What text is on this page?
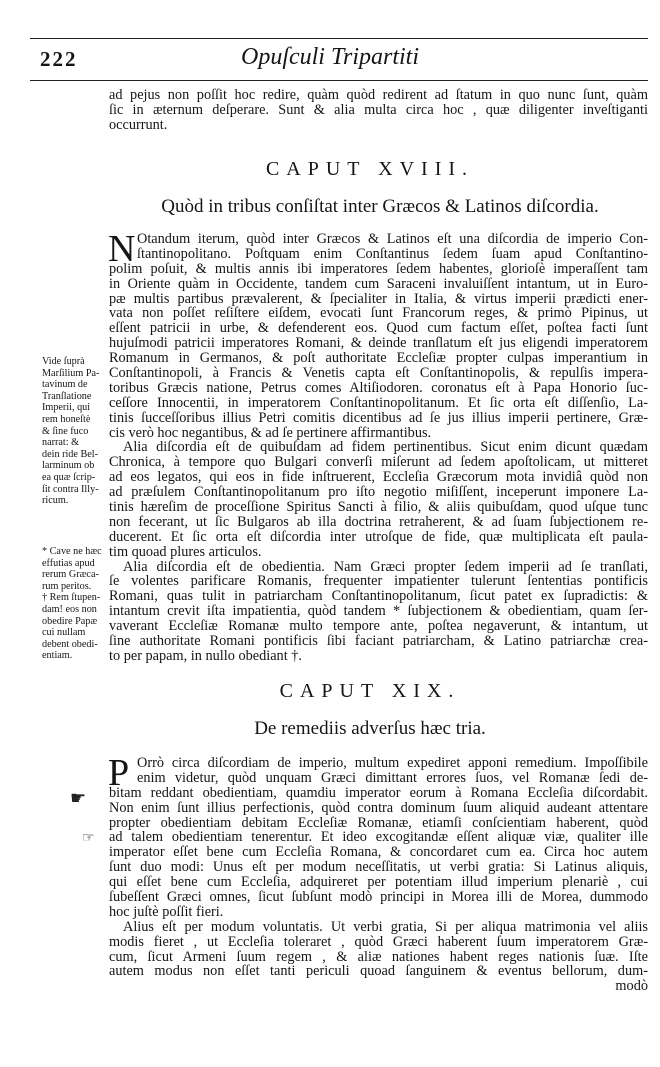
222	Opuſculi Tripartiti
ad pejus non poſſit hoc redire, quàm quòd redirent ad ſtatum in quo nunc ſunt, quàm
ſic in æternum deſperare. Sunt & alia multa circa hoc , quæ diligenter inveſtiganti
occurrunt.
CAPUT XVIII.
Quòd in tribus conſiſtat inter Græcos & Latinos diſcordia.
N Otandum iterum, quòd inter Græcos & Latinos eſt una diſcordia de imperio Con-
ſtantinopolitano. Poſtquam enim Conſtantinus ſedem ſuam apud Conſtantino-
polim poſuit, & multis annis ibi imperatores ſedem habentes, glorioſè imperaſſent tam
in Oriente quàm in Occidente, tandem cum Saraceni invaluiſſent intantum, ut in Euro-
pæ multis partibus prævalerent, & ſpecialiter in Italia, & virtus imperii prædicti ener-
vata non poſſet reſiſtere eiſdem, evocati ſunt Francorum reges, & primò Pipinus, ut
eſſent patricii in urbe, & defenderent eos. Quod cum factum eſſet, poſtea facti ſunt
hujuſmodi patricii imperatores Romani, & deinde tranſlatum eſt jus eligendi imperatorem
Romanum in Germanos, & poſt authoritate Eccleſiæ propter culpas imperantium in
Conſtantinopoli, à Francis & Venetis capta eſt Conſtantinopolis, & repulſis impera-
toribus Græcis natione, Petrus comes Altiſiodoren. coronatus eſt à Papa Honorio ſuc-
ceſſore Innocentii, in imperatorem Conſtantinopolitanum. Et ſic orta eſt diſſenſio, La-
tinis ſucceſſoribus illius Petri comitis dicentibus ad ſe jus illius imperii pertinere, Græ-
cis verò hoc negantibus, & ad ſe pertinere affirmantibus.
Alia diſcordia eſt de quibuſdam ad fidem pertinentibus. Sicut enim dicunt quædam
Chronica, à tempore quo Bulgari converſi miſerunt ad ſedem apoſtolicam, ut mitteret
ad eos legatos, qui eos in fide inſtruerent, Eccleſia Græcorum mota invidiâ quòd non
ad præſulem Conſtantinopolitanum pro iſto negotio miſiſſent, inceperunt imponere La-
tinis hæreſim de proceſſione Spiritus Sancti à filio, & aliis quibuſdam, quod uſque tunc
non fecerant, ut ſic Bulgaros ab illa doctrina retraherent, & ad ſuam ſubjectionem re-
ducerent. Et ſic orta eſt diſcordia inter utroſque de fide, quæ multiplicata eſt paula-
tim quoad plures articulos.
Alia diſcordia eſt de obedientia. Nam Græci propter ſedem imperii ad ſe tranſlati,
ſe volentes parificare Romanis, frequenter impatienter tulerunt ſententias pontificis
Romani, quas tulit in patriarcham Conſtantinopolitanum, ſicut patet ex ſupradictis: &
intantum crevit iſta impatientia, quòd tandem * ſubjectionem & obedientiam, quam ſer-
vaverant Eccleſiæ Romanæ multo tempore ante, poſtea negaverunt, & intantum, ut
ſine authoritate Romani pontificis ſibi faciant patriarcham, & Latino patriarchæ crea-
to per papam, in nullo obediant †.
Vide ſuprà
Marſilium Pa-
tavinum de
Tranſlatione
Imperii, qui
rem honeſtè
& ſine fuco
narrat: &
dein ride Bel-
larminum ob
ea quæ ſcrip-
ſit contra Illy-
ricum.
* Cave ne hæc
effutias apud
rerum Græca-
rum peritos.
† Rem ſtupen-
dam! eos non
obedire Papæ
cui nullam
debent obedi-
entiam.
CAPUT XIX.
De remediis adverſus hæc tria.
P Orrò circa diſcordiam de imperio, multum expediret apponi remedium. Impoſſibile
enim videtur, quòd unquam Græci dimittant errores ſuos, vel Romanæ ſedi de-
bitam reddant obedientiam, quamdiu imperator eorum à Romana Eccleſia diſcordabit.
Non enim ſunt illius perfectionis, quòd contra dominum ſuum aliquid audeant attentare
propter obedientiam debitam Eccleſiæ Romanæ, etiamſi conſcientiam haberent, quòd
ad talem obedientiam tenerentur. Et ideo excogitandæ eſſent aliquæ viæ, qualiter ille
imperator eſſet bene cum Eccleſia Romana, & concordaret cum ea. Circa hoc autem
ſunt duo modi: Unus eſt per modum neceſſitatis, ut verbi gratia: Si Latinus aliquis,
qui eſſet bene cum Eccleſia, adquireret per potentiam illud imperium plenariè , cui
ſubeſſent Græci omnes, ſicut ſubſunt modò principi in Morea illi de Morea, dummodo
hoc juſtè poſſit fieri.
Alius eſt per modum voluntatis. Ut verbi gratia, Si per aliqua matrimonia vel aliis
modis fieret , ut Eccleſia toleraret , quòd Græci haberent ſuum imperatorem Græ-
cum, ſicut Armeni ſuum regem , & aliæ nationes habent reges nationis ſuæ. Iſte
autem modus non eſſet tanti periculi quoad ſanguinem & eventus bellorum, dum-
modò
☛
☞
